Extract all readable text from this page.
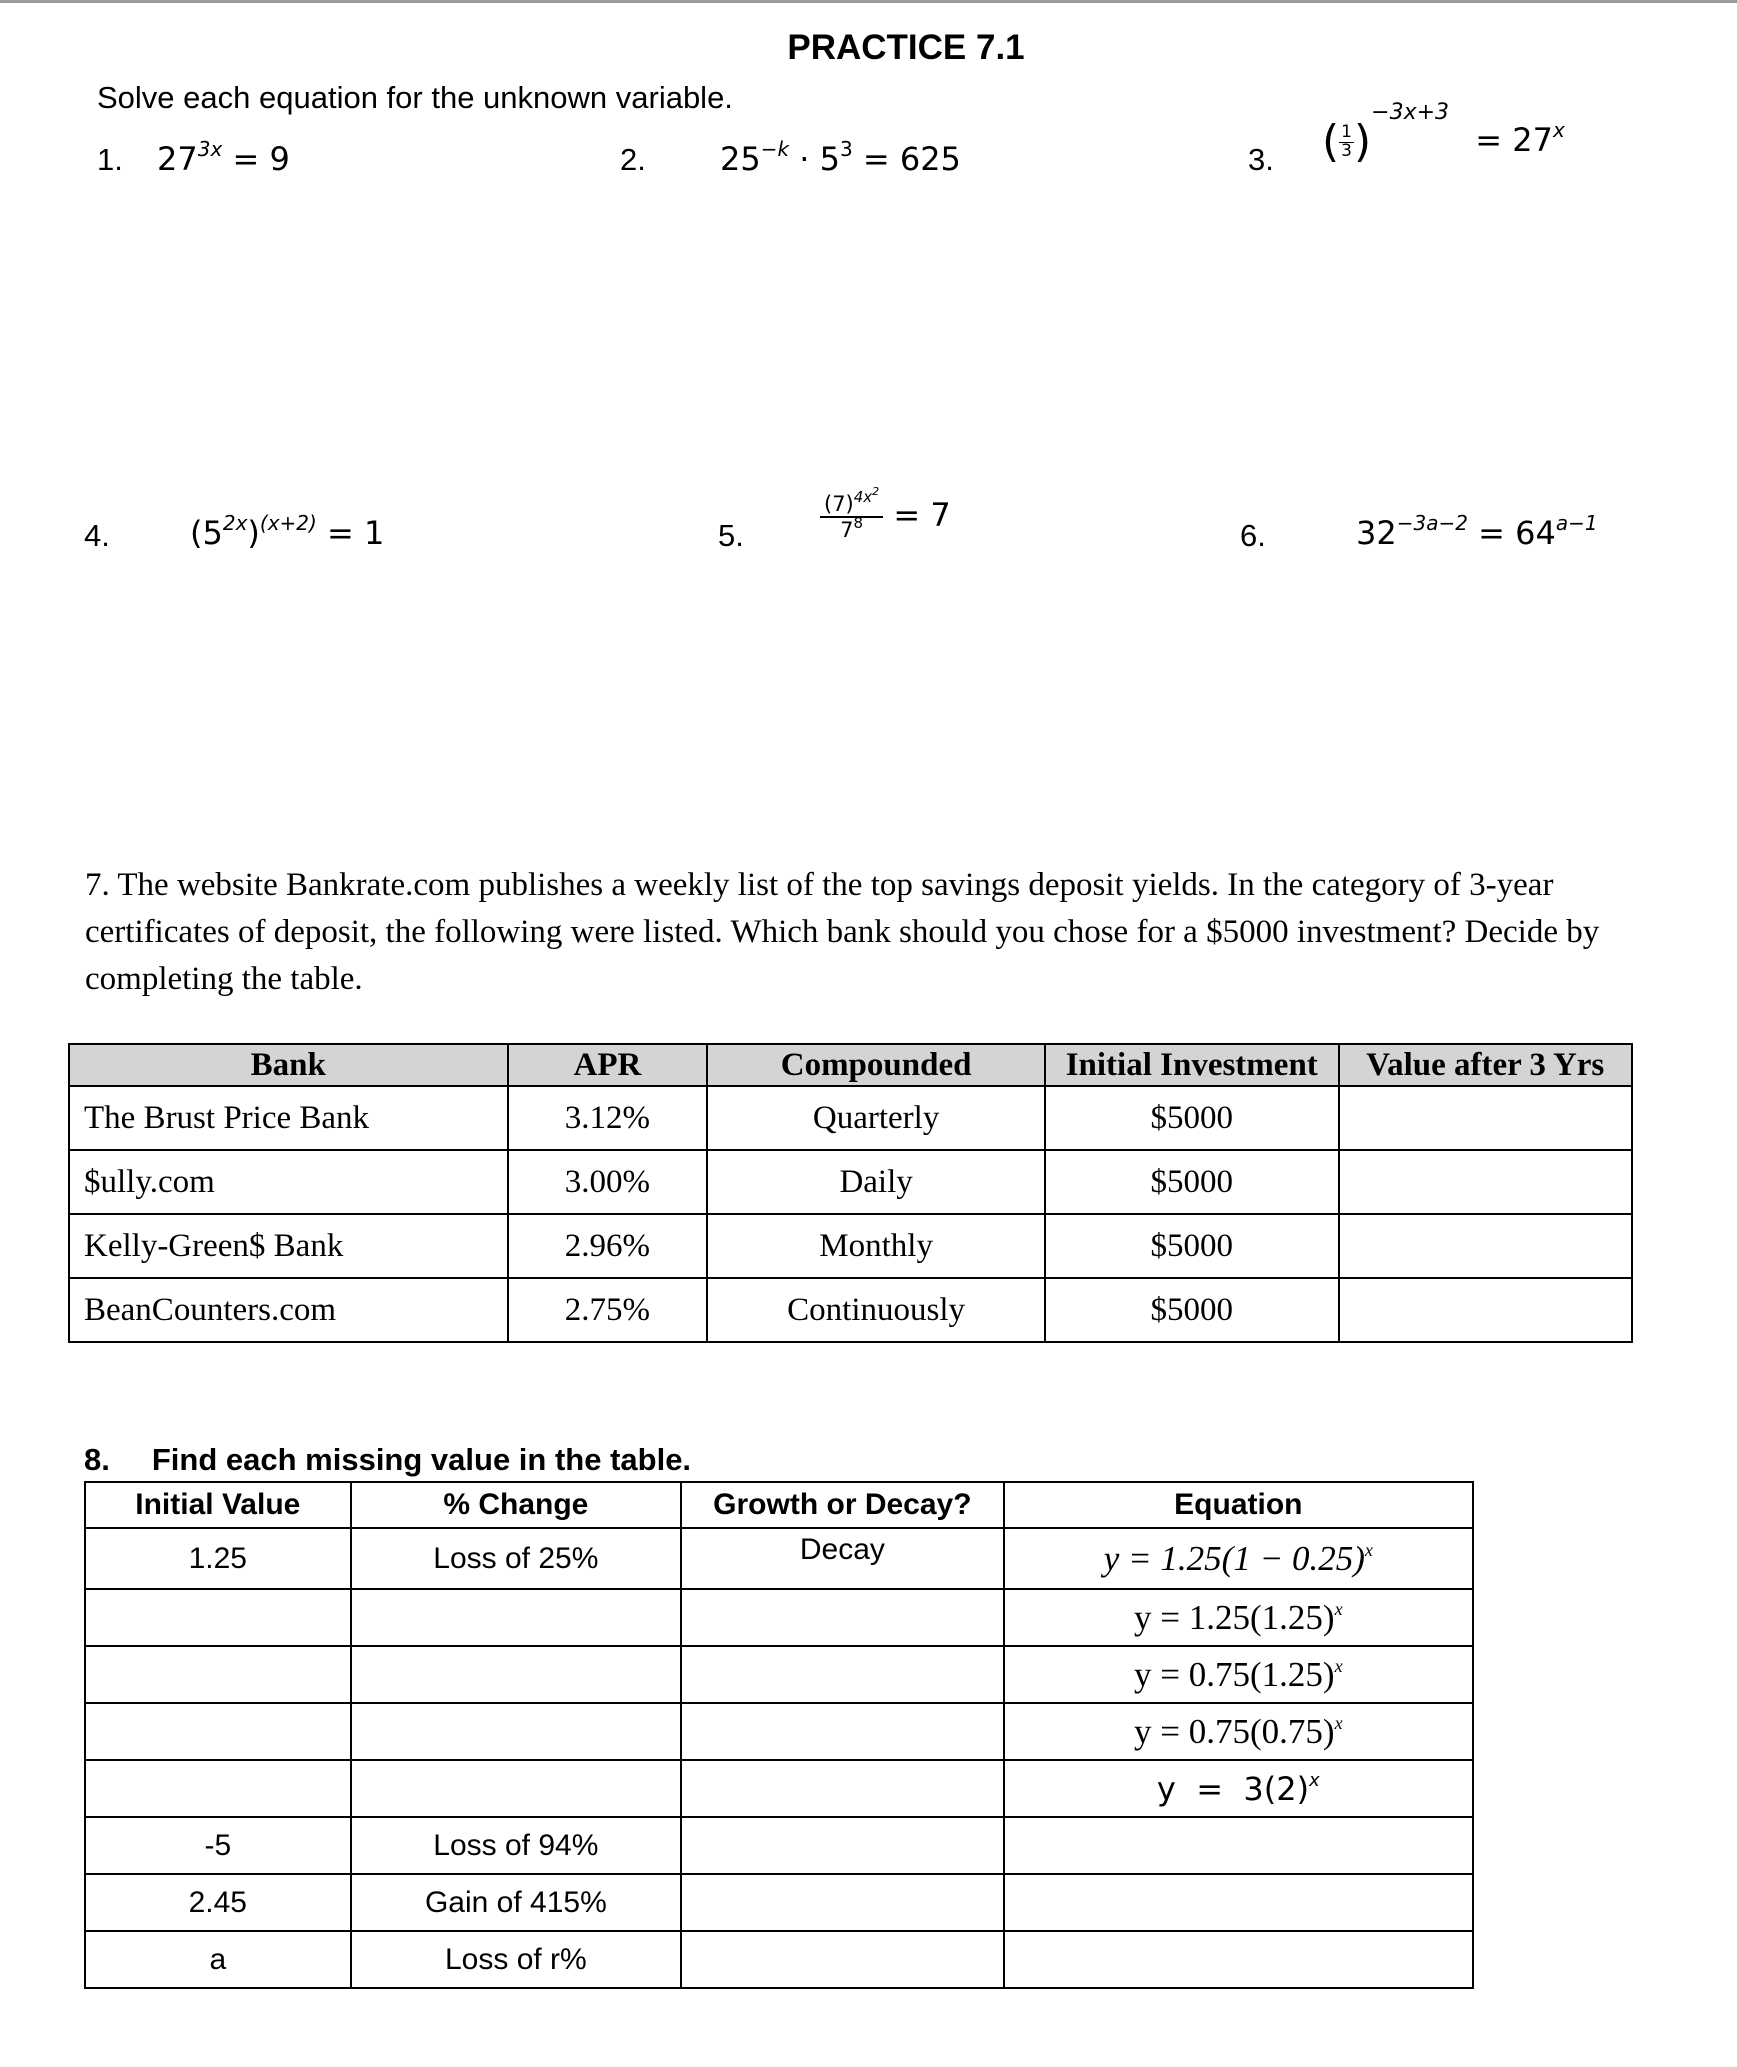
PRACTICE 7.1
Solve each equation for the unknown variable.
1. $27^{3x} = 9$	2. $25^{-k} \cdot 5^3 = 625$	3. ( $\frac{1}{3} )^{-3x+3} = 27^x$
4.	$(5^{2x})^{(x+2)} = 1$	5.	$\frac{(7)^{4x^2}}{7^8} = 7$
6.	$32^{-3a-2} = 64^{a-1}$
7. The website Bankrate.com publishes a weekly list of the top savings deposit yields. In the category of 3-year certificates of deposit, the following were listed. Which bank should you chose for a $5000 investment? Decide by completing the table.
Bank	APR	Compounded	Initial Investment	Value after 3 Yrs
The Brust Price Bank	3.12%	Quarterly	$5000	
$ully.com	3.00%	Daily	$5000	
Kelly-Green$ Bank	2.96%	Monthly	$5000	
BeanCounters.com	2.75%	Continuously	$5000	
8. Find each missing value in the table.
Initial Value	% Change	Growth or Decay?	Equation
1.25	Loss of 25%	Decay	$y = 1.25(1 - 0.25)^x$
			$y = 1.25(1.25)^x$
			$y = 0.75(1.25)^x$
			$y = 0.75(0.75)^x$
			$y = 3(2)^x$
-5	Loss of 94%		
2.45	Gain of 415%		
a	Loss of r%		
